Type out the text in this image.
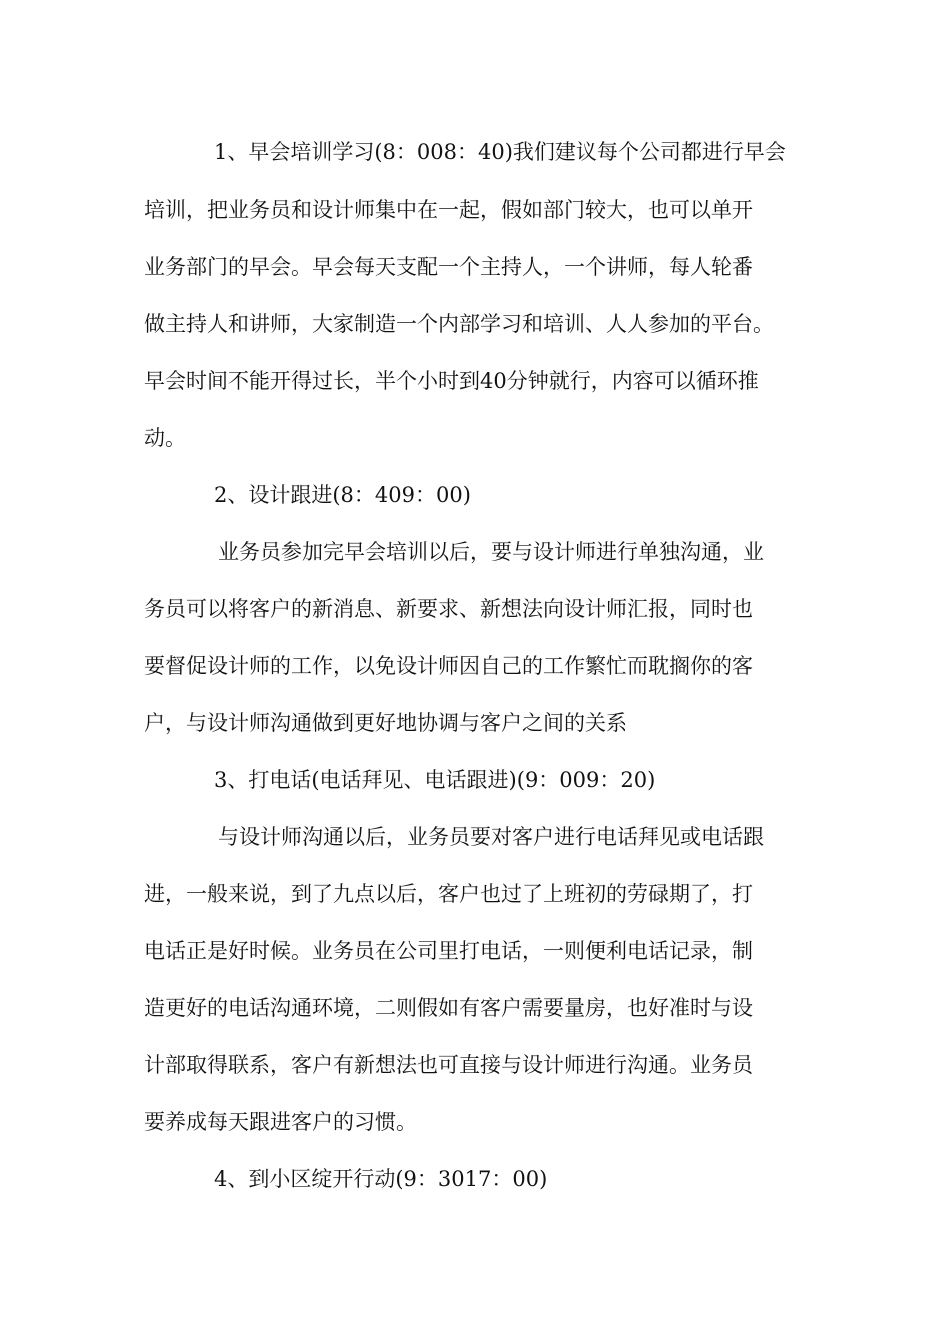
1、早会培训学习(8：008：40)我们建议每个公司都进行早会

培训，把业务员和设计师集中在一起，假如部门较大，也可以单开

业务部门的早会。早会每天支配一个主持人，一个讲师，每人轮番

做主持人和讲师，大家制造一个内部学习和培训、人人参加的平台。

早会时间不能开得过长，半个小时到40分钟就行，内容可以循环推

动。

2、设计跟进(8：409：00)

业务员参加完早会培训以后，要与设计师进行单独沟通，业

务员可以将客户的新消息、新要求、新想法向设计师汇报，同时也

要督促设计师的工作，以免设计师因自己的工作繁忙而耽搁你的客

户，与设计师沟通做到更好地协调与客户之间的关系

3、打电话(电话拜见、电话跟进)(9：009：20)

与设计师沟通以后，业务员要对客户进行电话拜见或电话跟

进，一般来说，到了九点以后，客户也过了上班初的劳碌期了，打

电话正是好时候。业务员在公司里打电话，一则便利电话记录，制

造更好的电话沟通环境，二则假如有客户需要量房，也好准时与设

计部取得联系，客户有新想法也可直接与设计师进行沟通。业务员

要养成每天跟进客户的习惯。

4、到小区绽开行动(9：3017：00)
